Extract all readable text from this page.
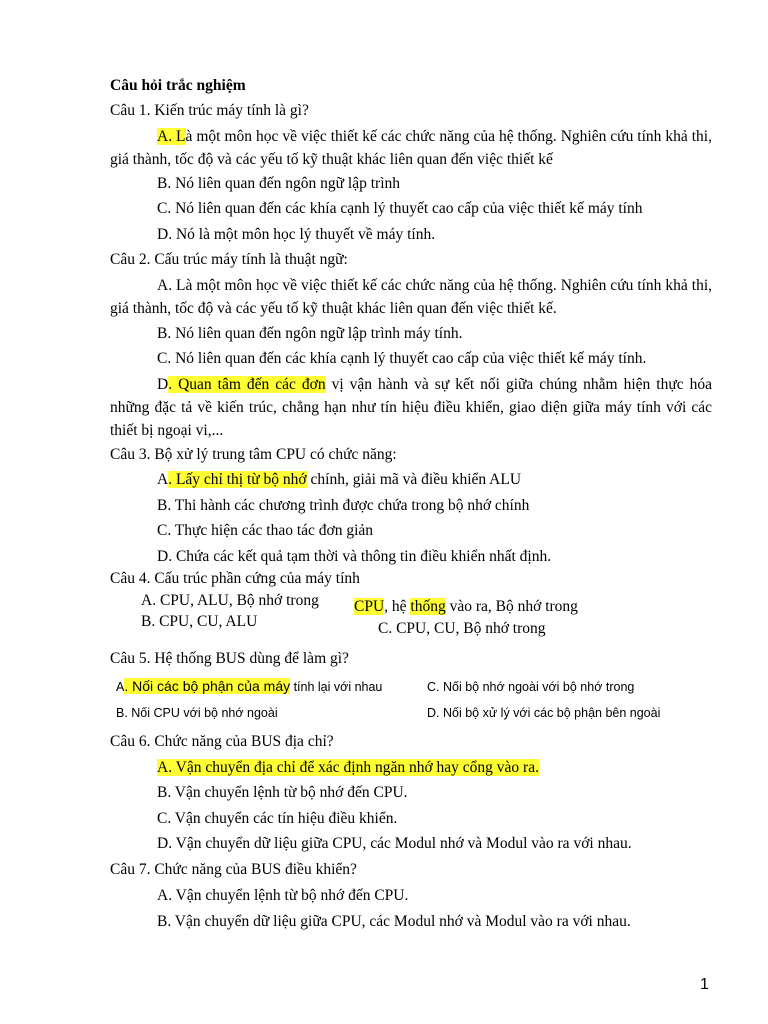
Câu hỏi trắc nghiệm

Câu 1. Kiến trúc máy tính là gì?

A. Là một môn học về việc thiết kế các chức năng của hệ thống. Nghiên cứu tính khả thi, giá thành, tốc độ và các yếu tố kỹ thuật khác liên quan đến việc thiết kế

B. Nó liên quan đến ngôn ngữ lập trình

C. Nó liên quan đến các khía cạnh lý thuyết cao cấp của việc thiết kế máy tính

D. Nó là một môn học lý thuyết về máy tính.

Câu 2. Cấu trúc máy tính là thuật ngữ:

A. Là một môn học về việc thiết kế các chức năng của hệ thống. Nghiên cứu tính khả thi, giá thành, tốc độ và các yếu tố kỹ thuật khác liên quan đến việc thiết kế.

B. Nó liên quan đến ngôn ngữ lập trình máy tính.

C. Nó liên quan đến các khía cạnh lý thuyết cao cấp của việc thiết kế máy tính.

D. Quan tâm đến các đơn vị vận hành và sự kết nối giữa chúng nhằm hiện thực hóa những đặc tả về kiến trúc, chẳng hạn như tín hiệu điều khiển, giao diện giữa máy tính với các thiết bị ngoại vi,...

Câu 3. Bộ xử lý trung tâm CPU có chức năng:

A. Lấy chỉ thị từ bộ nhớ chính, giải mã và điều khiển ALU

B. Thi hành các chương trình được chứa trong bộ nhớ chính

C. Thực hiện các thao tác đơn giản

D. Chứa các kết quả tạm thời và thông tin điều khiển nhất định.

Câu 4. Cấu trúc phần cứng của máy tính

A. CPU, ALU, Bộ nhớ trong

B. CPU, CU, ALU

CPU, hệ thống vào ra, Bộ nhớ trong

C. CPU, CU, Bộ nhớ trong

Câu 5. Hệ thống BUS dùng để làm gì?

A. Nối các bộ phận của máy tính lại với nhau	C. Nối bộ nhớ ngoài với bộ nhớ trong

B. Nối CPU với bộ nhớ ngoài	D. Nối bộ xử lý với các bộ phận bên ngoài

Câu 6. Chức năng của BUS địa chỉ?

A. Vận chuyển địa chỉ để xác định ngăn nhớ hay cổng vào ra.

B. Vận chuyển lệnh từ bộ nhớ đến CPU.

C. Vận chuyển các tín hiệu điều khiển.

D. Vận chuyển dữ liệu giữa CPU, các Modul nhớ và Modul vào ra với nhau.

Câu 7. Chức năng của BUS điều khiển?

A. Vận chuyển lệnh từ bộ nhớ đến CPU.

B. Vận chuyển dữ liệu giữa CPU, các Modul nhớ và Modul vào ra với nhau.

1
